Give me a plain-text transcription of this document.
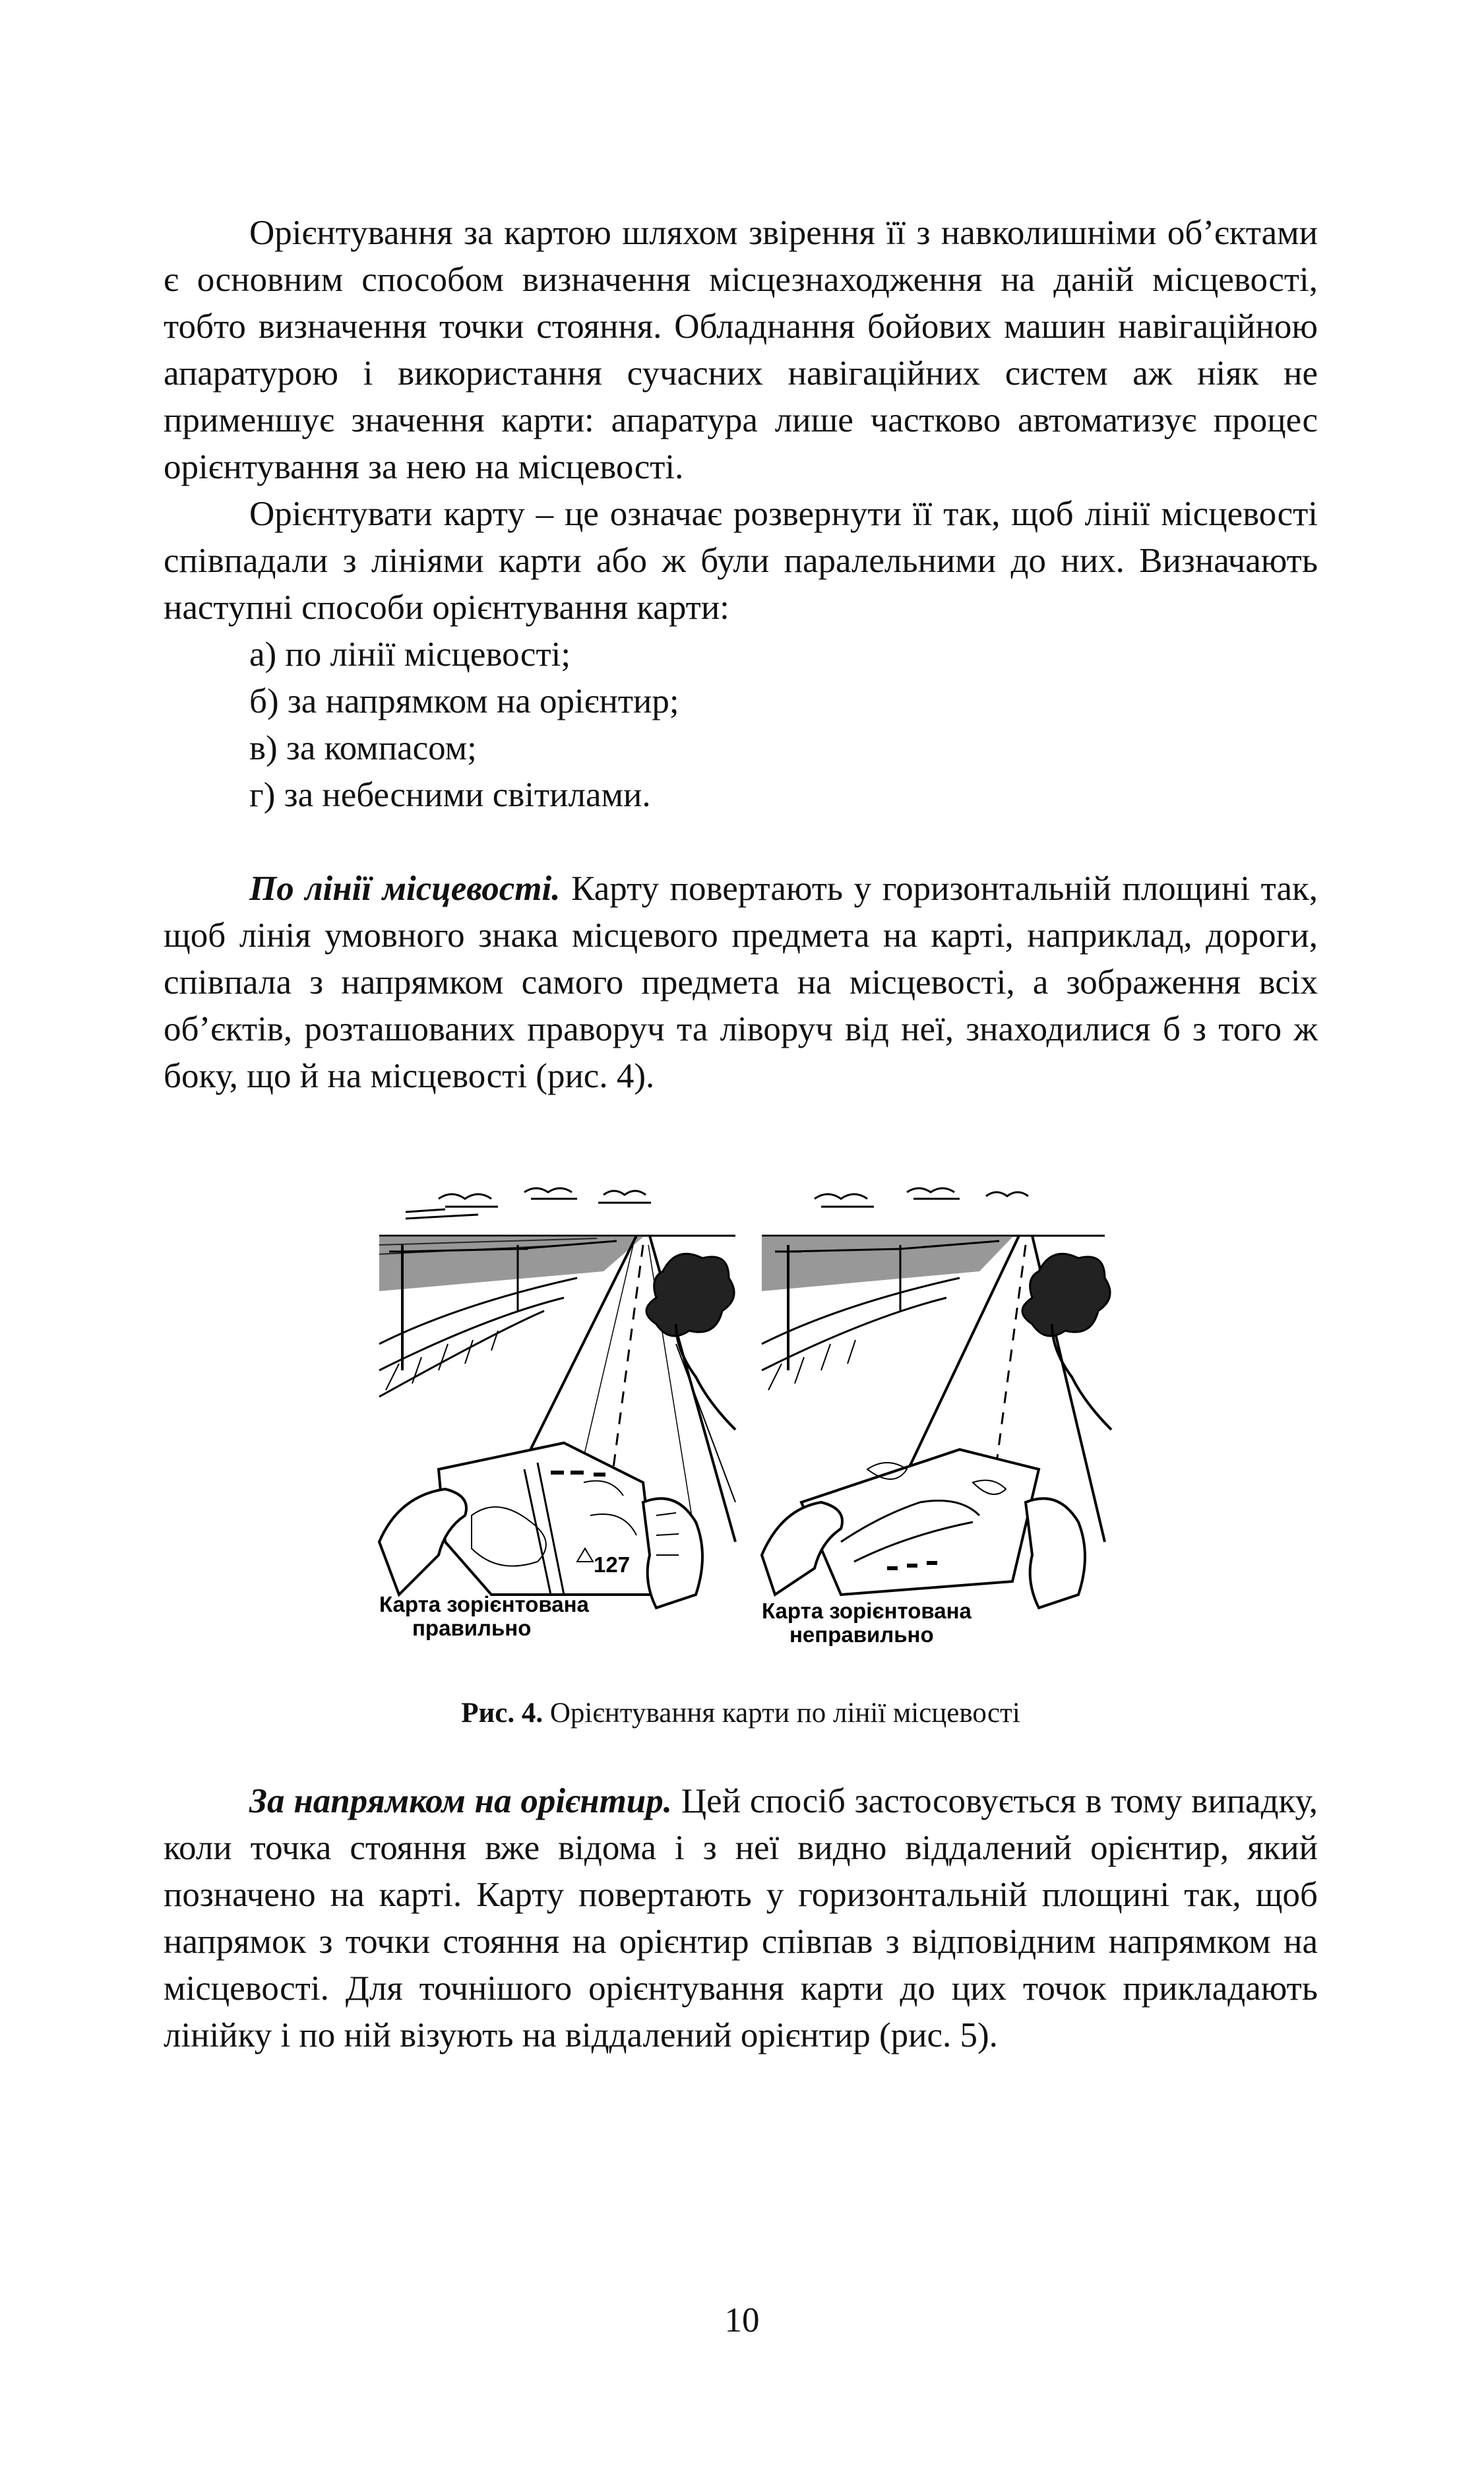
Орієнтування за картою шляхом звірення її з навколишніми об’єктами є основним способом визначення місцезнаходження на даній місцевості, тобто визначення точки стояння. Обладнання бойових машин навігаційною апаратурою і використання сучасних навігаційних систем аж ніяк не применшує значення карти: апаратура лише частково автоматизує процес орієнтування за нею на місцевості.

Орієнтувати карту – це означає розвернути її так, щоб лінії місцевості співпадали з лініями карти або ж були паралельними до них. Визначають наступні способи орієнтування карти:

а) по лінії місцевості;
б) за напрямком на орієнтир;
в) за компасом;
г) за небесними світилами.

По лінії місцевості. Карту повертають у горизонтальній площині так, щоб лінія умовного знака місцевого предмета на карті, наприклад, дороги, співпала з напрямком самого предмета на місцевості, а зображення всіх об’єктів, розташованих праворуч та ліворуч від неї, знаходилися б з того ж боку, що й на місцевості (рис. 4).

127
Карта зорієнтована
правильно
Карта зорієнтована
неправильно
Рис. 4. Орієнтування карти по лінії місцевості

За напрямком на орієнтир. Цей спосіб застосовується в тому випадку, коли точка стояння вже відома і з неї видно віддалений орієнтир, який позначено на карті. Карту повертають у горизонтальній площині так, щоб напрямок з точки стояння на орієнтир співпав з відповідним напрямком на місцевості. Для точнішого орієнтування карти до цих точок прикладають лінійку і по ній візують на віддалений орієнтир (рис. 5).

10
